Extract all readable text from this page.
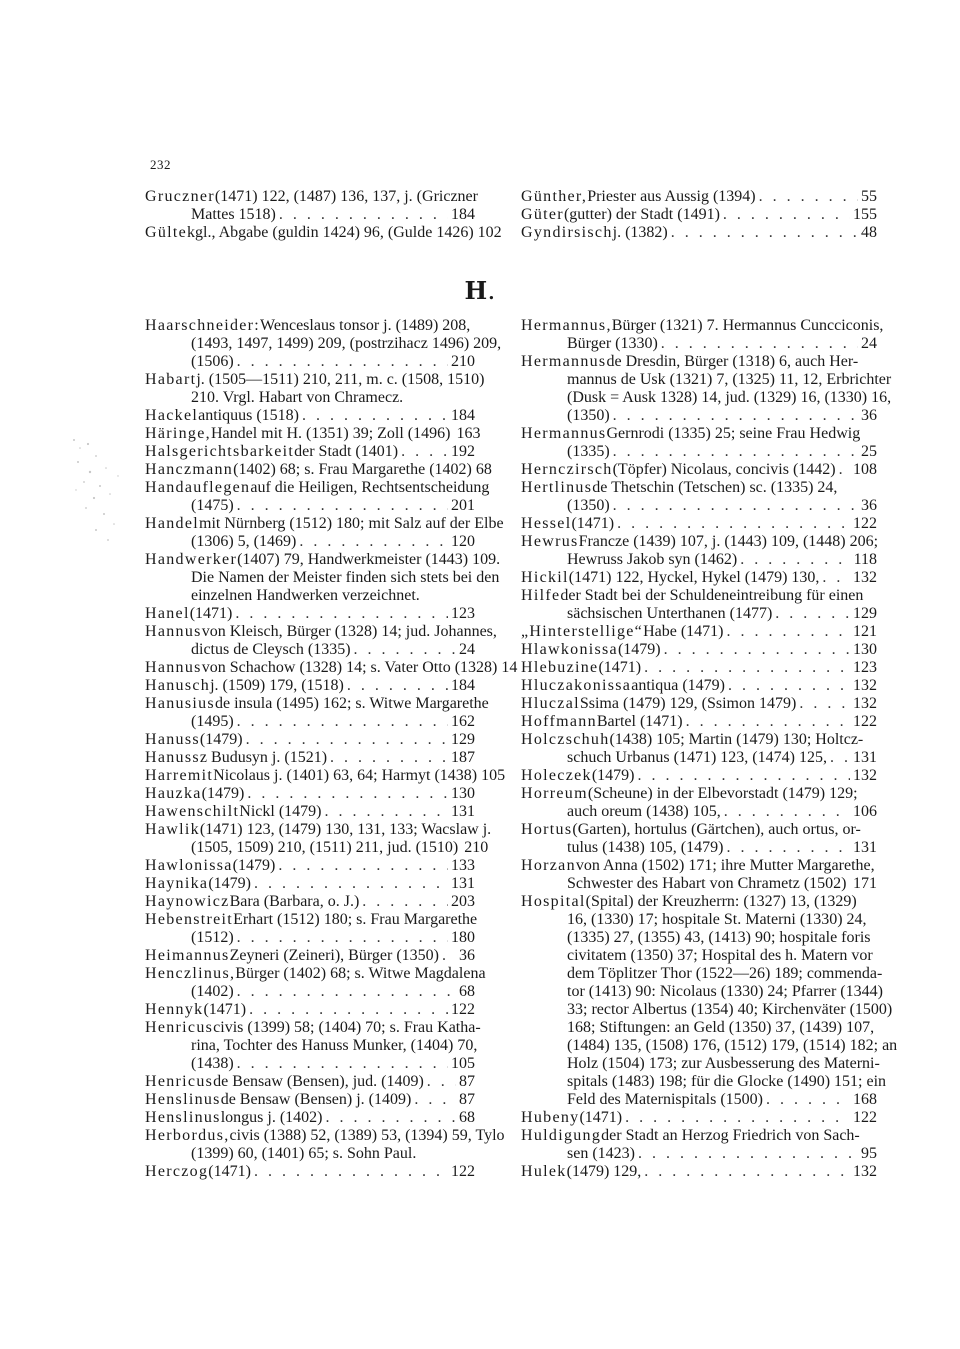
232
Gruczner (1471) 122, (1487) 136, 137, j. (Griczner
Mattes 1518) . . .	184
Gülte kgl., Abgabe (guldin 1424) 96, (Gulde 1426) 102
Günther, Priester aus Aussig (1394) . . .	55
Güter (gutter) der Stadt (1491) . . .	155
Gyndirsisch j. (1382) . . .	48
H .
Haarschneider: Wenceslaus tonsor j. (1489) 208,
(1493, 1497, 1499) 209, (postrzihacz 1496) 209,
(1506) . . .	210
Habart j. (1505—1511) 210, 211, m. c. (1508, 1510)
210. Vrgl. Habart von Chramecz.
Hackel antiquus (1518) . . .	184
Häringe, Handel mit H. (1351) 39; Zoll (1496) 163
Halsgerichtsbarkeit der Stadt (1401) . . .	192
Hanczmann (1402) 68; s. Frau Margarethe (1402) 68
Handauflegen auf die Heiligen, Rechtsentscheidung
(1475) . . .	201
Handel mit Nürnberg (1512) 180; mit Salz auf der Elbe
(1306) 5, (1469) . . .	120
Handwerker (1407) 79, Handwerkmeister (1443) 109.
Die Namen der Meister finden sich stets bei den
einzelnen Handwerken verzeichnet.
Hanel (1471) . . .	123
Hannus von Kleisch, Bürger (1328) 14; jud. Johannes,
dictus de Cleysch (1335) . . .	24
Hannus von Schachow (1328) 14; s. Vater Otto (1328) 14
Hanusch j. (1509) 179, (1518) . . .	184
Hanusius de insula (1495) 162; s. Witwe Margarethe
(1495) . . .	162
Hanuss (1479) . . .	129
Hanuss z Budusyn j. (1521) . . .	187
Harremit Nicolaus j. (1401) 63, 64; Harmyt (1438) 105
Hauzka (1479) . . .	130
Hawenschilt Nickl (1479) . . .	131
Hawlik (1471) 123, (1479) 130, 131, 133; Wacslaw j.
(1505, 1509) 210, (1511) 211, jud. (1510) 210
Hawlonissa (1479) . . .	133
Haynika (1479) . . .	131
Haynowicz Bara (Barbara, o. J.) . . .	203
Hebenstreit Erhart (1512) 180; s. Frau Margarethe
(1512) . . .	180
Heimannus Zeyneri (Zeineri), Bürger (1350) . . . 36
Henczlinus, Bürger (1402) 68; s. Witwe Magdalena
(1402) . . .	68
Hennyk (1471) . . .	122
Henricus civis (1399) 58; (1404) 70; s. Frau Katha-
rina, Tochter des Hanuss Munker, (1404) 70,
(1438) . . .	105
Henricus de Bensaw (Bensen), jud. (1409) . . . 87
Henslinus de Bensaw (Bensen) j. (1409) . . .	87
Henslinus longus j. (1402) . . .	68
Herbordus, civis (1388) 52, (1389) 53, (1394) 59, Tylo
(1399) 60, (1401) 65; s. Sohn Paul.
Herczog (1471) . . .	122
Hermannus, Bürger (1321) 7. Hermannus Cuncciconis,
Bürger (1330) . . .	24
Hermannus de Dresdin, Bürger (1318) 6, auch Her-
mannus de Usk (1321) 7, (1325) 11, 12, Erbrichter
(Dusk = Ausk 1328) 14, jud. (1329) 16, (1330) 16,
(1350) . . .	36
Hermannus Gernrodi (1335) 25; seine Frau Hedwig
(1335) . . .	25
Hernczirsch (Töpfer) Nicolaus, concivis (1442) . . . 108
Hertlinus de Thetschin (Tetschen) sc. (1335) 24,
(1350) . . .	36
Hessel (1471) . . .	122
Hewrus Francze (1439) 107, j. (1443) 109, (1448) 206;
Hewruss Jakob syn (1462) . . .	118
Hickil (1471) 122, Hyckel, Hykel (1479) 130, . . . 132
Hilfe der Stadt bei der Schuldeneintreibung für einen
sächsischen Unterthanen (1477) . . .	129
„Hinterstellige“ Habe (1471) . . .	121
Hlawkonissa (1479) . . .	130
Hlebuzine (1471) . . .	123
Hluczakonissa antiqua (1479) . . .	132
Hluczal Ssima (1479) 129, (Ssimon 1479) . . .	132
Hoffmann Bartel (1471) . . .	122
Holczschuh (1438) 105; Martin (1479) 130; Holtcz-
schuch Urbanus (1471) 123, (1474) 125, . . . 131
Holeczek (1479) . . .	132
Horreum (Scheune) in der Elbevorstadt (1479) 129;
auch oreum (1438) 105, . . .	106
Hortus (Garten), hortulus (Gärtchen), auch ortus, or-
tulus (1438) 105, (1479) . . .	131
Horzan von Anna (1502) 171; ihre Mutter Margarethe,
Schwester des Habart von Chrametz (1502) . . . 171
Hospital (Spital) der Kreuzherrn: (1327) 13, (1329)
16, (1330) 17; hospitale St. Materni (1330) 24,
(1335) 27, (1355) 43, (1413) 90; hospitale foris
civitatem (1350) 37; Hospital des h. Matern vor
dem Töplitzer Thor (1522—26) 189; commenda-
tor (1413) 90: Nicolaus (1330) 24; Pfarrer (1344)
33; rector Albertus (1354) 40; Kirchenväter (1500)
168; Stiftungen: an Geld (1350) 37, (1439) 107,
(1484) 135, (1508) 176, (1512) 179, (1514) 182; an
Holz (1504) 173; zur Ausbesserung des Materni-
spitals (1483) 198; für die Glocke (1490) 151; ein
Feld des Maternispitals (1500) . . .	168
Hubeny (1471) . . .	122
Huldigung der Stadt an Herzog Friedrich von Sach-
sen (1423) . . .	95
Hulek (1479) 129, . . .	132
